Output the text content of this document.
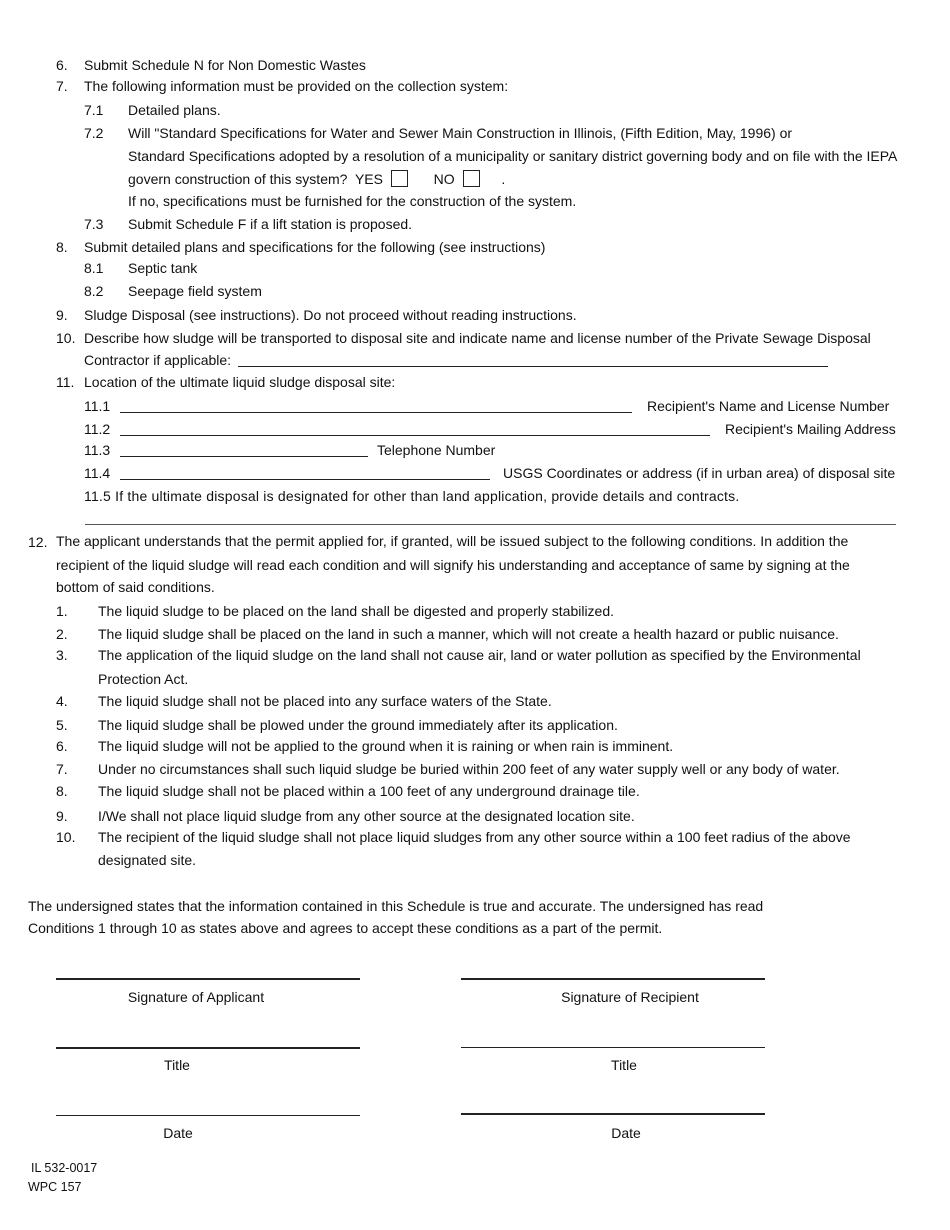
6. Submit Schedule N for Non Domestic Wastes
7. The following information must be provided on the collection system:
7.1 Detailed plans.
7.2 Will "Standard Specifications for Water and Sewer Main Construction in Illinois, (Fifth Edition, May, 1996) or
Standard Specifications adopted by a resolution of a municipality or sanitary district governing body and on file with the IEPA
govern construction of this system? YES	NO	.
If no, specifications must be furnished for the construction of the system.
7.3 Submit Schedule F if a lift station is proposed.
8. Submit detailed plans and specifications for the following (see instructions)
8.1 Septic tank
8.2 Seepage field system
9. Sludge Disposal (see instructions). Do not proceed without reading instructions.
10. Describe how sludge will be transported to disposal site and indicate name and license number of the Private Sewage Disposal
Contractor if applicable:
11. Location of the ultimate liquid sludge disposal site:
11.1	Recipient's Name and License Number
11.2	Recipient's Mailing Address
11.3	Telephone Number
11.4	USGS Coordinates or address (if in urban area) of disposal site
11.5 If the ultimate disposal is designated for other than land application, provide details and contracts.
12. The applicant understands that the permit applied for, if granted, will be issued subject to the following conditions. In addition the
recipient of the liquid sludge will read each condition and will signify his understanding and acceptance of same by signing at the
bottom of said conditions.
1. The liquid sludge to be placed on the land shall be digested and properly stabilized.
2. The liquid sludge shall be placed on the land in such a manner, which will not create a health hazard or public nuisance.
3. The application of the liquid sludge on the land shall not cause air, land or water pollution as specified by the Environmental
Protection Act.
4. The liquid sludge shall not be placed into any surface waters of the State.
5. The liquid sludge shall be plowed under the ground immediately after its application.
6. The liquid sludge will not be applied to the ground when it is raining or when rain is imminent.
7. Under no circumstances shall such liquid sludge be buried within 200 feet of any water supply well or any body of water.
8. The liquid sludge shall not be placed within a 100 feet of any underground drainage tile.
9. I/We shall not place liquid sludge from any other source at the designated location site.
10. The recipient of the liquid sludge shall not place liquid sludges from any other source within a 100 feet radius of the above
designated site.
The undersigned states that the information contained in this Schedule is true and accurate. The undersigned has read
Conditions 1 through 10 as states above and agrees to accept these conditions as a part of the permit.
Signature of Applicant	Signature of Recipient
Title	Title
Date	Date
IL 532-0017
WPC 157
